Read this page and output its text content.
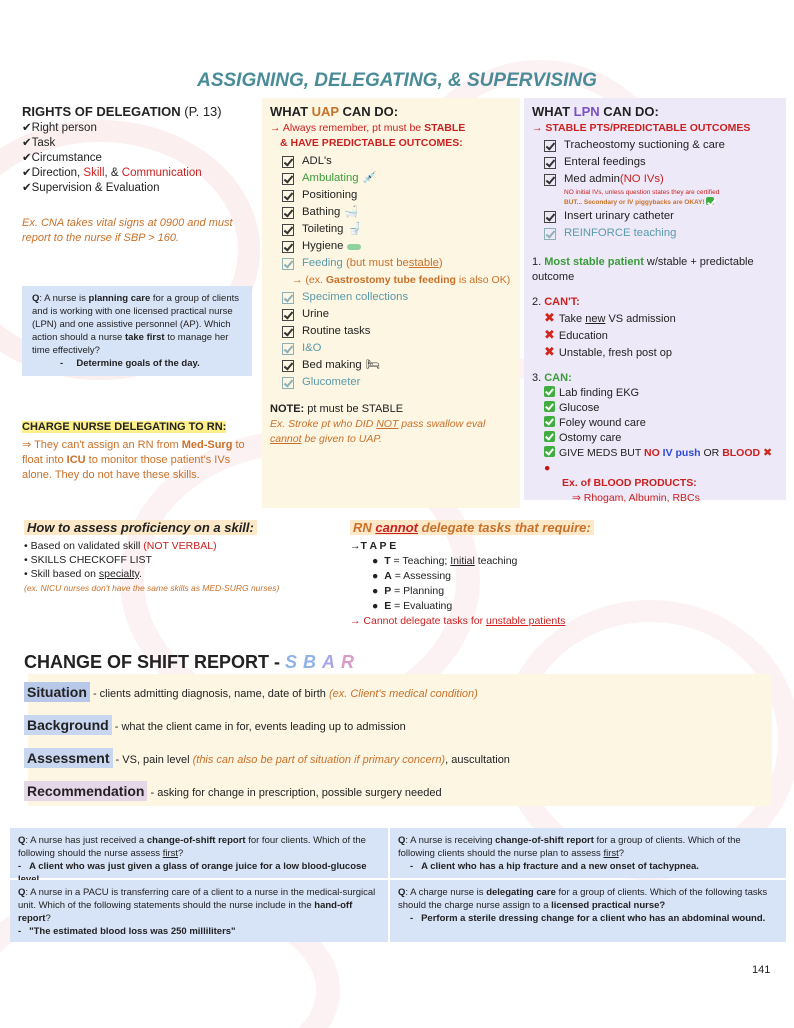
ASSIGNING, DELEGATING, & SUPERVISING
RIGHTS OF DELEGATION (P. 13)
✔Right person
✔Task
✔Circumstance
✔Direction, Skill, & Communication
✔Supervision & Evaluation
Ex. CNA takes vital signs at 0900 and must report to the nurse if SBP > 160.
Q: A nurse is planning care for a group of clients and is working with one licensed practical nurse (LPN) and one assistive personnel (AP). Which action should a nurse take first to manage her time effectively?
-     Determine goals of the day.
CHARGE NURSE DELEGATING TO RN:
⇒ They can't assign an RN from Med-Surg to float into ICU to monitor those patient's IVs alone. They do not have these skills.
WHAT UAP CAN DO:
→ Always remember, pt must be STABLE
& HAVE PREDICTABLE OUTCOMES:
ADL's
Ambulating 💉
Positioning
Bathing 🛁
Toileting 🚽
Hygiene
Feeding
(but must be stable )
→ (ex. Gastrostomy tube feeding is also OK)
Specimen collections
Urine
Routine tasks
I&O
Bed making 🛏
Glucometer
NOTE: pt must be STABLE
Ex. Stroke pt who DID NOT pass swallow eval cannot be given to UAP.
WHAT LPN CAN DO:
→ STABLE PTS/PREDICTABLE OUTCOMES
Tracheostomy suctioning & care
Enteral feedings
Med admin (NO IVs)
NO initial IVs, unless question states they are certified
BUT... Secondary or IV piggybacks are OKAY!
Insert urinary catheter
REINFORCE teaching
1. Most stable patient w/stable + predictable outcome
2. CAN'T:
✖ Take new VS admission
✖ Education
✖ Unstable, fresh post op
3. CAN:
Lab finding EKG
Glucose
Foley wound care
Ostomy care
GIVE MEDS BUT NO IV push OR BLOOD ✖●
Ex. of BLOOD PRODUCTS:
⇒ Rhogam, Albumin, RBCs
How to assess proficiency on a skill:
• Based on validated skill (NOT VERBAL)
• SKILLS CHECKOFF LIST
• Skill based on specialty.
(ex. NICU nurses don't have the same skills as MED-SURG nurses)
RN cannot delegate tasks that require:
→T A P E
●  T = Teaching; Initial teaching
●  A = Assessing
●  P = Planning
●  E = Evaluating
→ Cannot delegate tasks for unstable patients
CHANGE OF SHIFT REPORT - SBAR
Situation - clients admitting diagnosis, name, date of birth (ex. Client's medical condition)
Background - what the client came in for, events leading up to admission
Assessment - VS, pain level (this can also be part of situation if primary concern), auscultation
Recommendation - asking for change in prescription, possible surgery needed
Q: A nurse has just received a change-of-shift report for four clients. Which of the following should the nurse assess first?
-   A client who was just given a glass of orange juice for a low blood-glucose
Q: A nurse is receiving change-of-shift report for a group of clients. Which of the following clients should the nurse plan to assess first?
-   A client who has a hip fracture and a new onset of tachypnea.
Q: A nurse in a PACU is transferring care of a client to a nurse in the medical-surgical unit. Which of the following statements should the nurse include in the hand-off report?
-   "The estimated blood loss was 250 milliliters"
Q: A charge nurse is delegating care for a group of clients. Which of the following tasks should the charge nurse assign to a licensed practical nurse?
-   Perform a sterile dressing change for a client who has an abdominal wound.
141
